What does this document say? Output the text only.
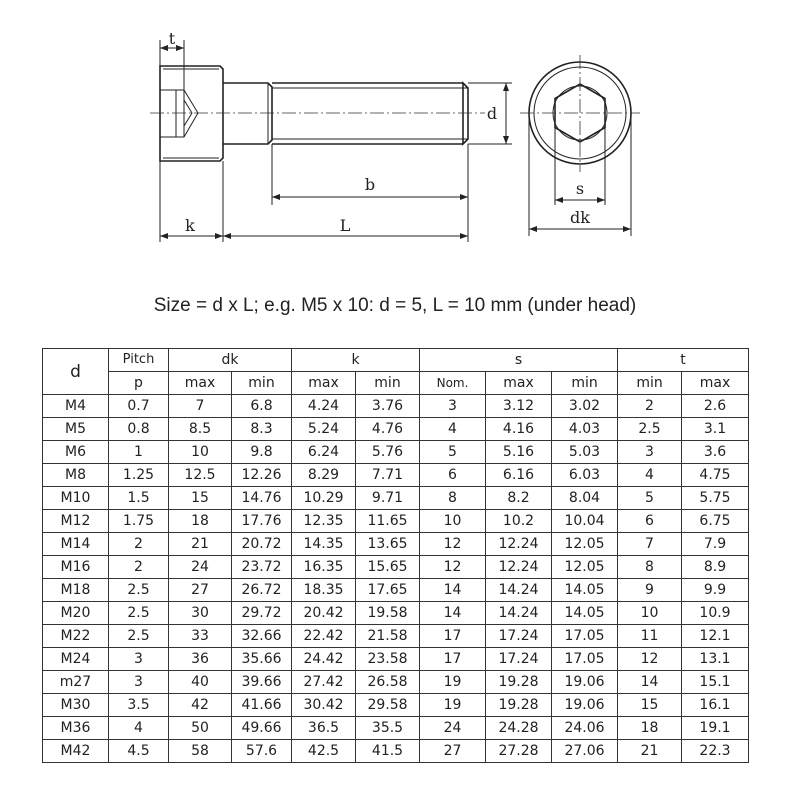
t
d
b
k	L
s
dk
Size = d x L; e.g. M5 x 10: d = 5, L = 10 mm (under head)
d	Pitch	dk		k		s			t	
	p	max	min	max	min	Nom.	max	min	min	max
M4	0.7	7	6.8	4.24	3.76	3	3.12	3.02	2	2.6
M5	0.8	8.5	8.3	5.24	4.76	4	4.16	4.03	2.5	3.1
M6	1	10	9.8	6.24	5.76	5	5.16	5.03	3	3.6
M8	1.25	12.5	12.26	8.29	7.71	6	6.16	6.03	4	4.75
M10	1.5	15	14.76	10.29	9.71	8	8.2	8.04	5	5.75
M12	1.75	18	17.76	12.35	11.65	10	10.2	10.04	6	6.75
M14	2	21	20.72	14.35	13.65	12	12.24	12.05	7	7.9
M16	2	24	23.72	16.35	15.65	12	12.24	12.05	8	8.9
M18	2.5	27	26.72	18.35	17.65	14	14.24	14.05	9	9.9
M20	2.5	30	29.72	20.42	19.58	14	14.24	14.05	10	10.9
M22	2.5	33	32.66	22.42	21.58	17	17.24	17.05	11	12.1
M24	3	36	35.66	24.42	23.58	17	17.24	17.05	12	13.1
m27	3	40	39.66	27.42	26.58	19	19.28	19.06	14	15.1
M30	3.5	42	41.66	30.42	29.58	19	19.28	19.06	15	16.1
M36	4	50	49.66	36.5	35.5	24	24.28	24.06	18	19.1
M42	4.5	58	57.6	42.5	41.5	27	27.28	27.06	21	22.3
